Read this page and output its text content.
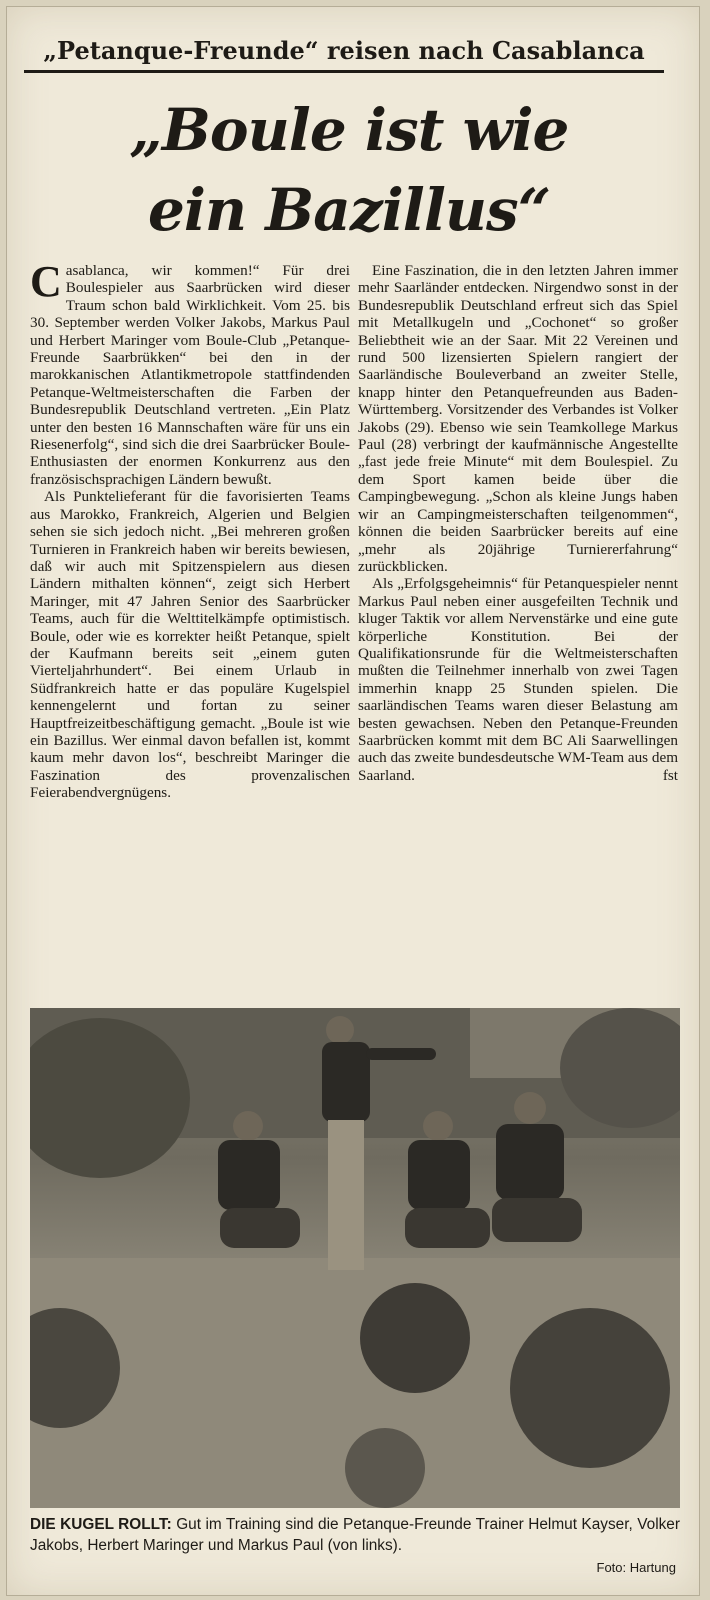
„Petanque-Freunde“ reisen nach Casablanca
„Boule ist wie
ein Bazillus“

Casablanca, wir kommen!“ Für drei Boulespieler aus Saarbrücken wird dieser Traum schon bald Wirklichkeit. Vom 25. bis 30. September werden Volker Jakobs, Markus Paul und Herbert Maringer vom Boule-Club „Petanque-Freunde Saarbrükken“ bei den in der marokkanischen Atlantikmetropole stattfindenden Petanque-Weltmeisterschaften die Farben der Bundesrepublik Deutschland vertreten. „Ein Platz unter den besten 16 Mannschaften wäre für uns ein Riesenerfolg“, sind sich die drei Saarbrücker Boule-Enthusiasten der enormen Konkurrenz aus den französischsprachigen Ländern bewußt.

Als Punktelieferant für die favorisierten Teams aus Marokko, Frankreich, Algerien und Belgien sehen sie sich jedoch nicht. „Bei mehreren großen Turnieren in Frankreich haben wir bereits bewiesen, daß wir auch mit Spitzenspielern aus diesen Ländern mithalten können“, zeigt sich Herbert Maringer, mit 47 Jahren Senior des Saarbrücker Teams, auch für die Welttitelkämpfe optimistisch. Boule, oder wie es korrekter heißt Petanque, spielt der Kaufmann bereits seit „einem guten Vierteljahrhundert“. Bei einem Urlaub in Südfrankreich hatte er das populäre Kugelspiel kennengelernt und fortan zu seiner Hauptfreizeitbeschäftigung gemacht. „Boule ist wie ein Bazillus. Wer einmal davon befallen ist, kommt kaum mehr davon los“, beschreibt Maringer die Faszination des provenzalischen Feierabendvergnügens.

Eine Faszination, die in den letzten Jahren immer mehr Saarländer entdecken. Nirgendwo sonst in der Bundesrepublik Deutschland erfreut sich das Spiel mit Metallkugeln und „Cochonet“ so großer Beliebtheit wie an der Saar. Mit 22 Vereinen und rund 500 lizensierten Spielern rangiert der Saarländische Bouleverband an zweiter Stelle, knapp hinter den Petanquefreunden aus Baden-Württemberg. Vorsitzender des Verbandes ist Volker Jakobs (29). Ebenso wie sein Teamkollege Markus Paul (28) verbringt der kaufmännische Angestellte „fast jede freie Minute“ mit dem Boulespiel. Zu dem Sport kamen beide über die Campingbewegung. „Schon als kleine Jungs haben wir an Campingmeisterschaften teilgenommen“, können die beiden Saarbrücker bereits auf eine „mehr als 20jährige Turniererfahrung“ zurückblicken.

Als „Erfolgsgeheimnis“ für Petanquespieler nennt Markus Paul neben einer ausgefeilten Technik und kluger Taktik vor allem Nervenstärke und eine gute körperliche Konstitution. Bei der Qualifikationsrunde für die Weltmeisterschaften mußten die Teilnehmer innerhalb von zwei Tagen immerhin knapp 25 Stunden spielen. Die saarländischen Teams waren dieser Belastung am besten gewachsen. Neben den Petanque-Freunden Saarbrücken kommt mit dem BC Ali Saarwellingen auch das zweite bundesdeutsche WM-Team aus dem Saarland.	fst
DIE KUGEL ROLLT: Gut im Training sind die Petanque-Freunde Trainer Helmut Kayser, Volker Jakobs, Herbert Maringer und Markus Paul (von links).
Foto: Hartung
